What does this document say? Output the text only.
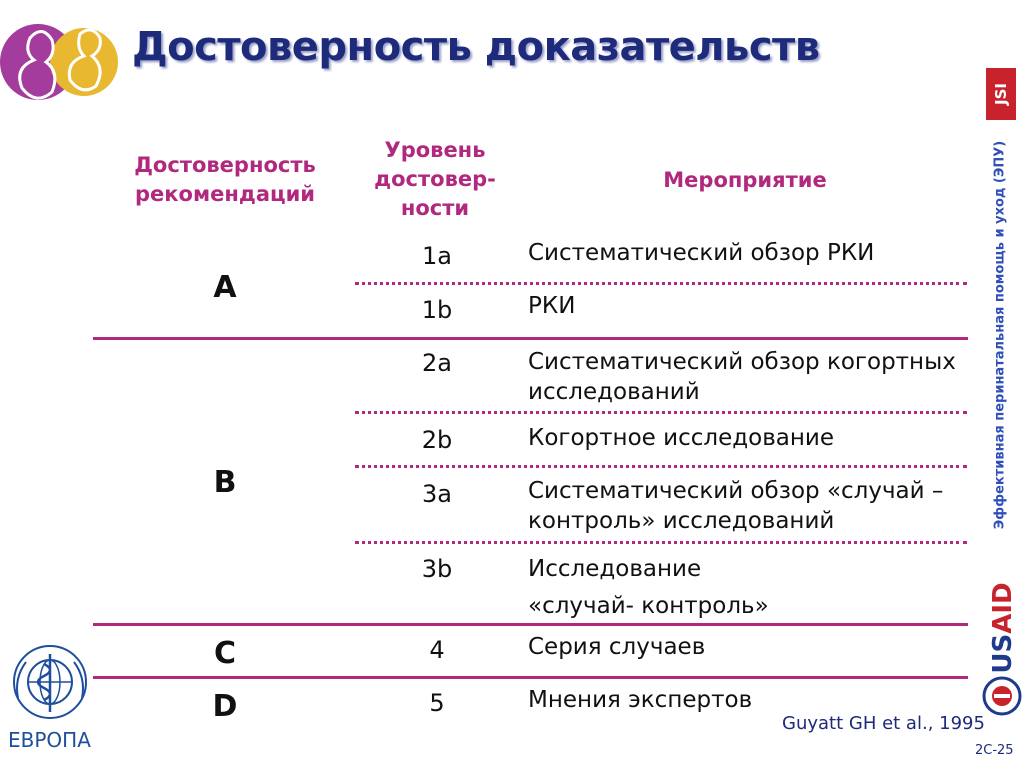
Достоверность доказательств
Достоверность
рекомендаций
Уровень
достовер-
ности
Мероприятие
A
B
C
D
1a
1b
2a
2b
3a
3b
4
5
Систематический обзор РКИ
РКИ
Систематический обзор когортных
исследований
Когортное исследование
Систематический обзор «случай –
контроль» исследований
Исследование
«случай- контроль»
Серия случаев
Мнения экспертов
Guyatt GH et al., 1995
2C-25
JSI
Эффективная перинатальная помощь и уход (ЭПУ)
USAID
ЕВРОПА
